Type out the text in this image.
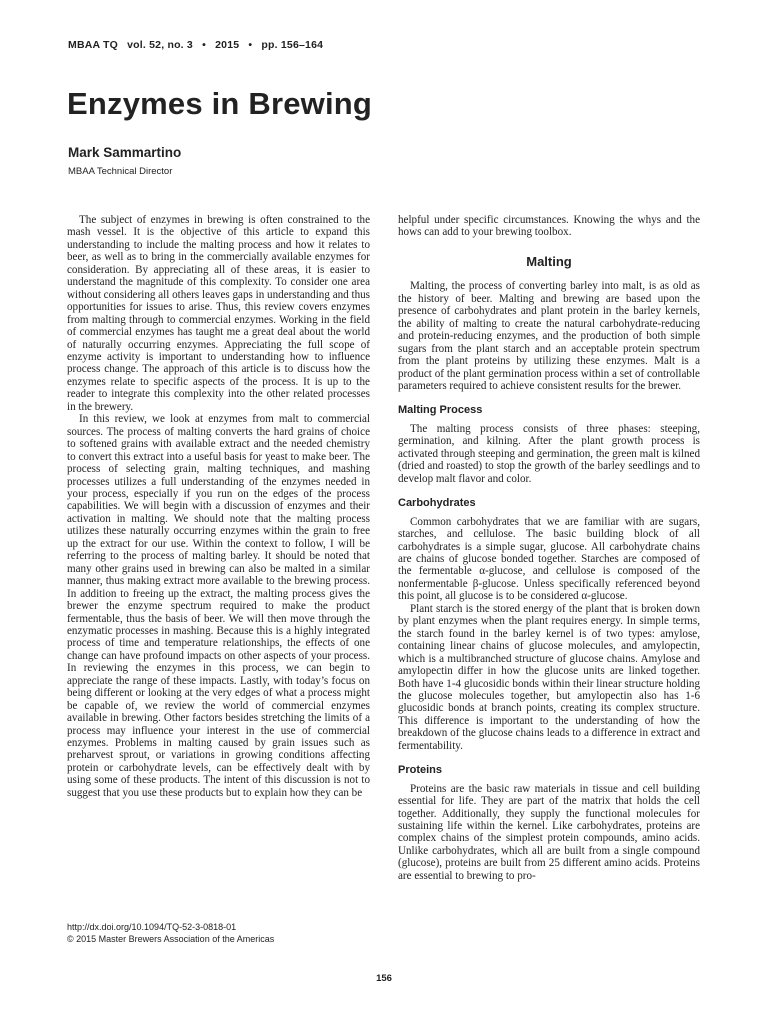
MBAA TQ vol. 52, no. 3 • 2015 • pp. 156–164
Enzymes in Brewing
Mark Sammartino
MBAA Technical Director

The subject of enzymes in brewing is often constrained to the mash vessel. It is the objective of this article to expand this understanding to include the malting process and how it relates to beer, as well as to bring in the commercially available enzymes for consideration. By appreciating all of these areas, it is easier to understand the magnitude of this complexity. To consider one area without considering all others leaves gaps in understanding and thus opportunities for issues to arise. Thus, this review covers enzymes from malting through to commercial enzymes. Working in the field of commercial enzymes has taught me a great deal about the world of naturally occurring enzymes. Appreciating the full scope of enzyme activity is important to understanding how to influence process change. The approach of this article is to discuss how the enzymes relate to specific aspects of the process. It is up to the reader to integrate this complexity into the other related processes in the brewery.

In this review, we look at enzymes from malt to commercial sources. The process of malting converts the hard grains of choice to softened grains with available extract and the needed chemistry to convert this extract into a useful basis for yeast to make beer. The process of selecting grain, malting techniques, and mashing processes utilizes a full understanding of the enzymes needed in your process, especially if you run on the edges of the process capabilities. We will begin with a discussion of enzymes and their activation in malting. We should note that the malting process utilizes these naturally occurring enzymes within the grain to free up the extract for our use. Within the context to follow, I will be referring to the process of malting barley. It should be noted that many other grains used in brewing can also be malted in a similar manner, thus making extract more available to the brewing process. In addition to freeing up the extract, the malting process gives the brewer the enzyme spectrum required to make the product fermentable, thus the basis of beer. We will then move through the enzymatic processes in mashing. Because this is a highly integrated process of time and temperature relationships, the effects of one change can have profound impacts on other aspects of your process. In reviewing the enzymes in this process, we can begin to appreciate the range of these impacts. Lastly, with today’s focus on being different or looking at the very edges of what a process might be capable of, we review the world of commercial enzymes available in brewing. Other factors besides stretching the limits of a process may influence your interest in the use of commercial enzymes. Problems in malting caused by grain issues such as preharvest sprout, or variations in growing conditions affecting protein or carbohydrate levels, can be effectively dealt with by using some of these products. The intent of this discussion is not to suggest that you use these products but to explain how they can be

helpful under specific circumstances. Knowing the whys and the hows can add to your brewing toolbox.

Malting

Malting, the process of converting barley into malt, is as old as the history of beer. Malting and brewing are based upon the presence of carbohydrates and plant protein in the barley kernels, the ability of malting to create the natural carbohydrate-reducing and protein-reducing enzymes, and the production of both simple sugars from the plant starch and an acceptable protein spectrum from the plant proteins by utilizing these enzymes. Malt is a product of the plant germination process within a set of controllable parameters required to achieve consistent results for the brewer.

Malting Process

The malting process consists of three phases: steeping, germination, and kilning. After the plant growth process is activated through steeping and germination, the green malt is kilned (dried and roasted) to stop the growth of the barley seedlings and to develop malt flavor and color.

Carbohydrates

Common carbohydrates that we are familiar with are sugars, starches, and cellulose. The basic building block of all carbohydrates is a simple sugar, glucose. All carbohydrate chains are chains of glucose bonded together. Starches are composed of the fermentable α-glucose, and cellulose is composed of the nonfermentable β-glucose. Unless specifically referenced beyond this point, all glucose is to be considered α-glucose.

Plant starch is the stored energy of the plant that is broken down by plant enzymes when the plant requires energy. In simple terms, the starch found in the barley kernel is of two types: amylose, containing linear chains of glucose molecules, and amylopectin, which is a multibranched structure of glucose chains. Amylose and amylopectin differ in how the glucose units are linked together. Both have 1-4 glucosidic bonds within their linear structure holding the glucose molecules together, but amylopectin also has 1-6 glucosidic bonds at branch points, creating its complex structure. This difference is important to the understanding of how the breakdown of the glucose chains leads to a difference in extract and fermentability.

Proteins

Proteins are the basic raw materials in tissue and cell building essential for life. They are part of the matrix that holds the cell together. Additionally, they supply the functional molecules for sustaining life within the kernel. Like carbohydrates, proteins are complex chains of the simplest protein compounds, amino acids. Unlike carbohydrates, which all are built from a single compound (glucose), proteins are built from 25 different amino acids. Proteins are essential to brewing to pro-

http://dx.doi.org/10.1094/TQ-52-3-0818-01
© 2015 Master Brewers Association of the Americas
156
